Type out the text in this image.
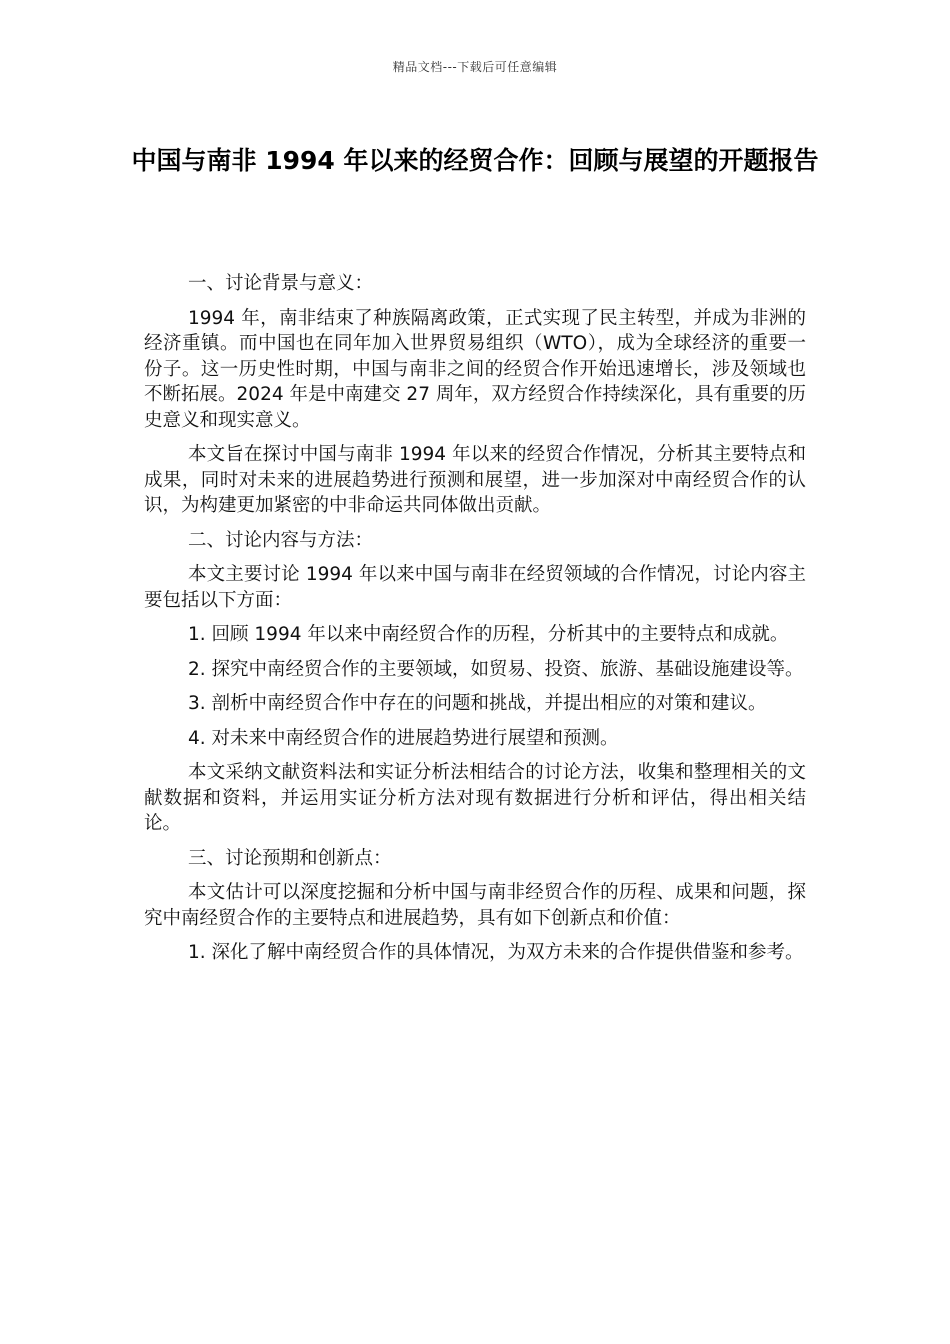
精品文档---下载后可任意编辑
中国与南非 1994 年以来的经贸合作：回顾与展望的开题报告

一、讨论背景与意义：

1994 年，南非结束了种族隔离政策，正式实现了民主转型，并成为非洲的经济重镇。而中国也在同年加入世界贸易组织（WTO），成为全球经济的重要一份子。这一历史性时期，中国与南非之间的经贸合作开始迅速增长，涉及领域也不断拓展。2024 年是中南建交 27 周年，双方经贸合作持续深化，具有重要的历史意义和现实意义。

本文旨在探讨中国与南非 1994 年以来的经贸合作情况，分析其主要特点和成果，同时对未来的进展趋势进行预测和展望，进一步加深对中南经贸合作的认识，为构建更加紧密的中非命运共同体做出贡献。

二、讨论内容与方法：

本文主要讨论 1994 年以来中国与南非在经贸领域的合作情况，讨论内容主要包括以下方面：

1. 回顾 1994 年以来中南经贸合作的历程，分析其中的主要特点和成就。

2. 探究中南经贸合作的主要领域，如贸易、投资、旅游、基础设施建设等。

3. 剖析中南经贸合作中存在的问题和挑战，并提出相应的对策和建议。

4. 对未来中南经贸合作的进展趋势进行展望和预测。

本文采纳文献资料法和实证分析法相结合的讨论方法，收集和整理相关的文献数据和资料，并运用实证分析方法对现有数据进行分析和评估，得出相关结论。

三、讨论预期和创新点：

本文估计可以深度挖掘和分析中国与南非经贸合作的历程、成果和问题，探究中南经贸合作的主要特点和进展趋势，具有如下创新点和价值：

1. 深化了解中南经贸合作的具体情况，为双方未来的合作提供借鉴和参考。
